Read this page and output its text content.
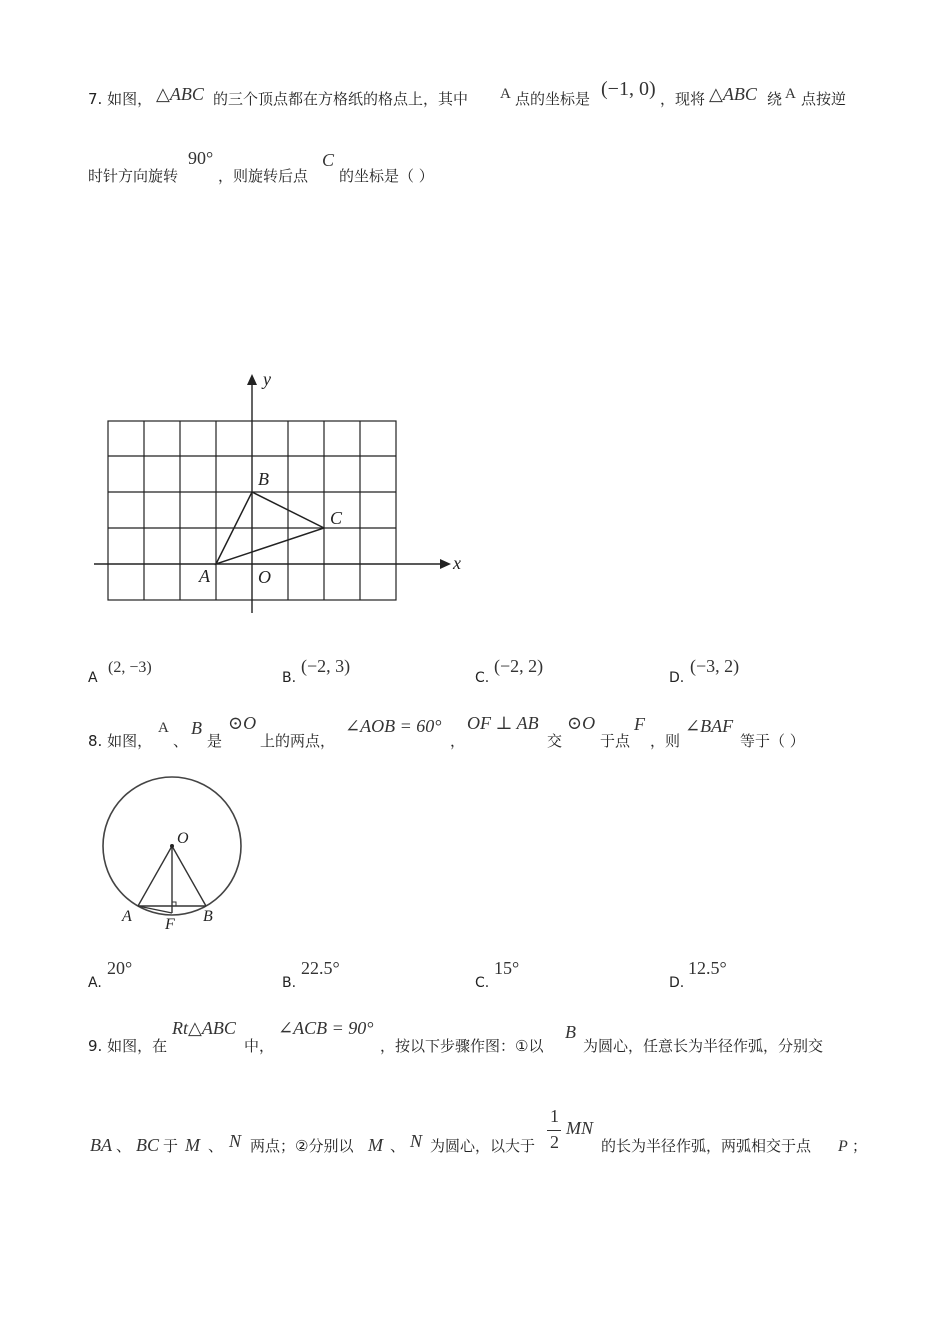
7. 如图， △ABC 的三个顶点都在方格纸的格点上，其中 A 点的坐标是 (−1, 0) ，现将 △ABC 绕 A 点按逆
时针方向旋转
90°
，则旋转后点
C
的坐标是（ ）
x
y
A
B
C
O
A
(2, −3)
B.
(−2, 3)
C.
(−2, 2)
D.
(−3, 2)
8. 如图，
A
、
B
是
⊙O
上的两点，
∠AOB = 60°
，
OF ⊥ AB
交
⊙O
于点
F
，则
∠BAF
等于（ ）
O
A	B
F
A.
20°
B.
22.5°
C.
15°
D.
12.5°
9. 如图，在
Rt△ABC
中，
∠ACB = 90°
，按以下步骤作图：①以
B
为圆心，任意长为半径作弧，分别交
BA 、 BC 于 M 、 N 两点；②分别以 M 、 N 为圆心，以大于
1
2
MN
的长为半径作弧，两弧相交于点 P ；
